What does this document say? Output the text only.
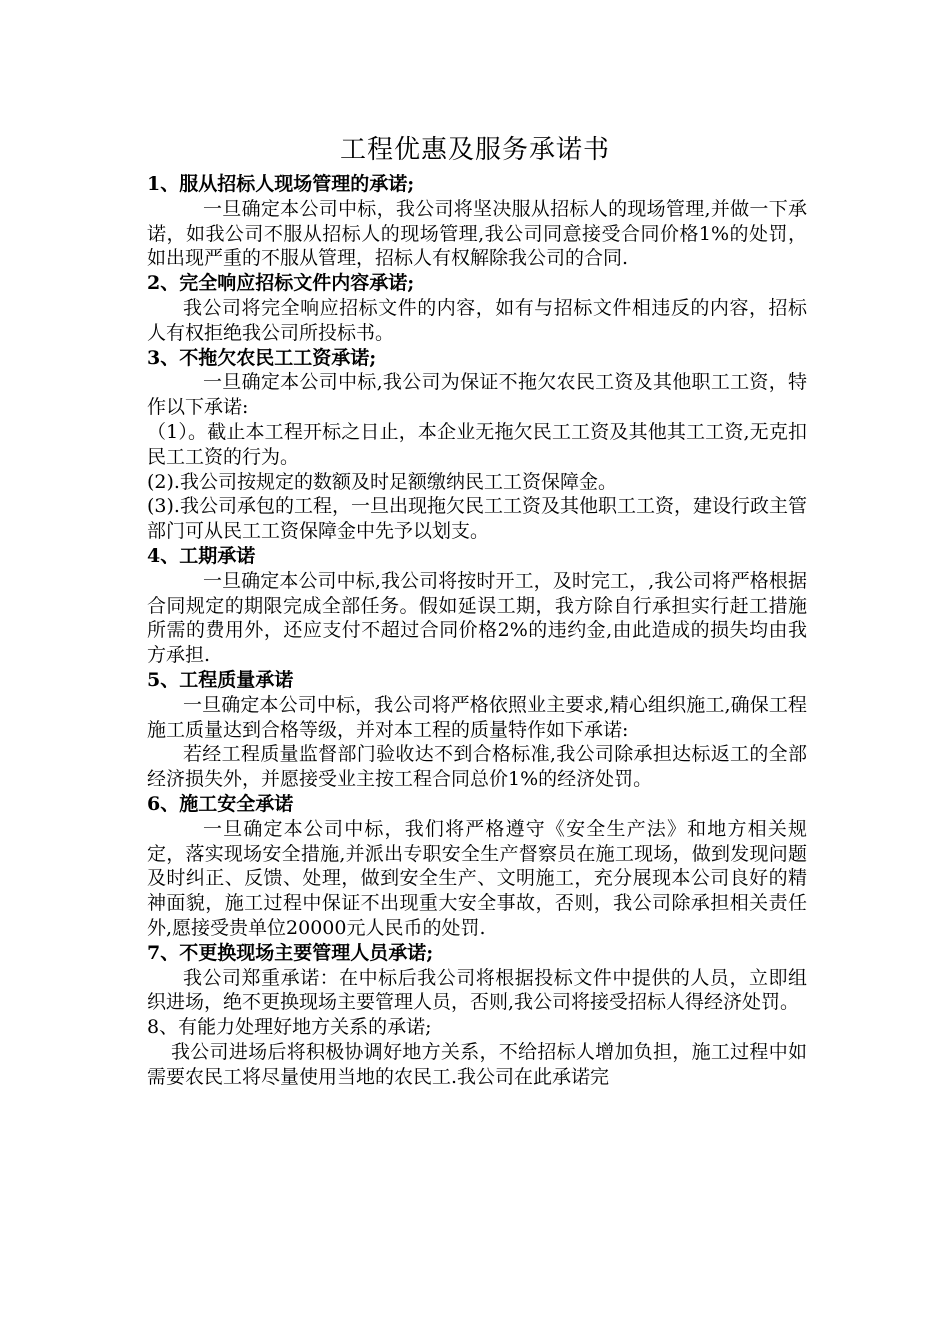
工程优惠及服务承诺书
1、服从招标人现场管理的承诺;
一旦确定本公司中标，我公司将坚决服从招标人的现场管理,并做一下承诺，如我公司不服从招标人的现场管理,我公司同意接受合同价格1%的处罚，如出现严重的不服从管理，招标人有权解除我公司的合同.
2、完全响应招标文件内容承诺;
我公司将完全响应招标文件的内容，如有与招标文件相违反的内容，招标人有权拒绝我公司所投标书。
3、不拖欠农民工工资承诺;
一旦确定本公司中标,我公司为保证不拖欠农民工资及其他职工工资，特作以下承诺:
（1）。截止本工程开标之日止，本企业无拖欠民工工资及其他其工工资,无克扣民工工资的行为。
(2).我公司按规定的数额及时足额缴纳民工工资保障金。
(3).我公司承包的工程，一旦出现拖欠民工工资及其他职工工资，建设行政主管部门可从民工工资保障金中先予以划支。
4、工期承诺
一旦确定本公司中标,我公司将按时开工，及时完工，,我公司将严格根据合同规定的期限完成全部任务。假如延误工期，我方除自行承担实行赶工措施所需的费用外，还应支付不超过合同价格2%的违约金,由此造成的损失均由我方承担.
5、工程质量承诺
一旦确定本公司中标，我公司将严格依照业主要求,精心组织施工,确保工程施工质量达到合格等级，并对本工程的质量特作如下承诺:
若经工程质量监督部门验收达不到合格标准,我公司除承担达标返工的全部经济损失外，并愿接受业主按工程合同总价1%的经济处罚。
6、施工安全承诺
一旦确定本公司中标，我们将严格遵守《安全生产法》和地方相关规定，落实现场安全措施,并派出专职安全生产督察员在施工现场，做到发现问题及时纠正、反馈、处理，做到安全生产、文明施工，充分展现本公司良好的精神面貌，施工过程中保证不出现重大安全事故，否则，我公司除承担相关责任外,愿接受贵单位20000元人民币的处罚.
7、不更换现场主要管理人员承诺;
我公司郑重承诺：在中标后我公司将根据投标文件中提供的人员，立即组织进场，绝不更换现场主要管理人员，否则,我公司将接受招标人得经济处罚。
8、有能力处理好地方关系的承诺;
我公司进场后将积极协调好地方关系，不给招标人增加负担，施工过程中如需要农民工将尽量使用当地的农民工.我公司在此承诺完
